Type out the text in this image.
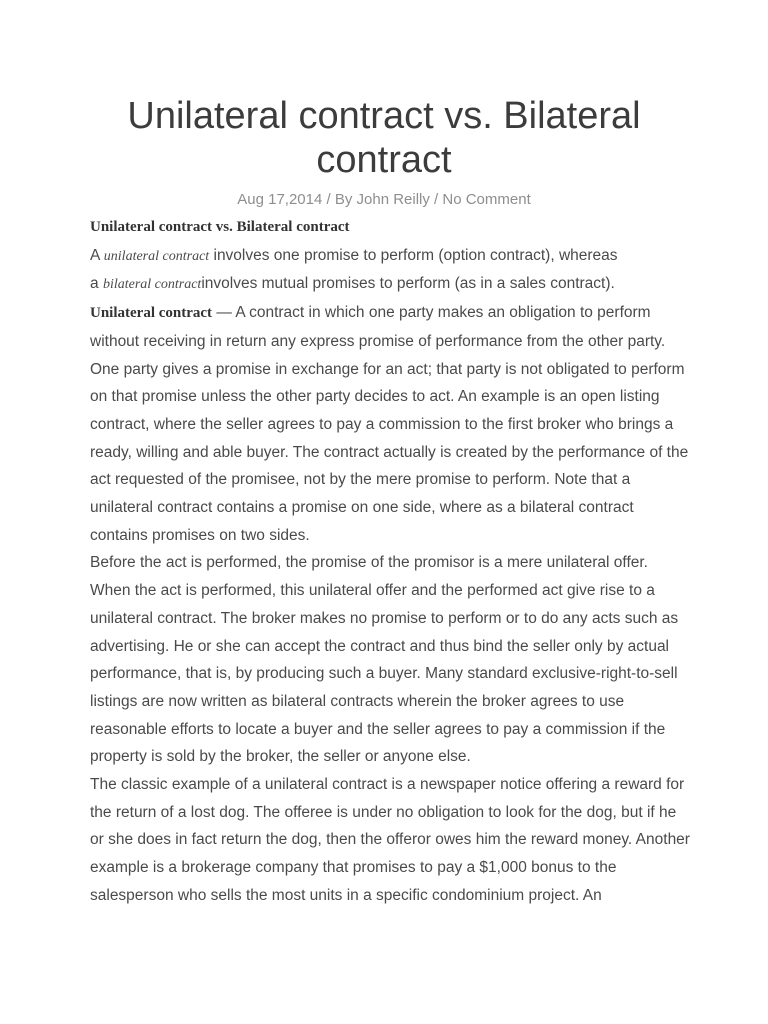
Unilateral contract vs. Bilateral contract
Aug 17,2014 / By John Reilly / No Comment

Unilateral contract vs. Bilateral contract

A unilateral contract involves one promise to perform (option contract), whereas
a bilateral contractinvolves mutual promises to perform (as in a sales contract).

Unilateral contract — A contract in which one party makes an obligation to perform without receiving in return any express promise of performance from the other party. One party gives a promise in exchange for an act; that party is not obligated to perform on that promise unless the other party decides to act. An example is an open listing contract, where the seller agrees to pay a commission to the first broker who brings a ready, willing and able buyer. The contract actually is created by the performance of the act requested of the promisee, not by the mere promise to perform. Note that a unilateral contract contains a promise on one side, where as a bilateral contract contains promises on two sides.

Before the act is performed, the promise of the promisor is a mere unilateral offer. When the act is performed, this unilateral offer and the performed act give rise to a unilateral contract. The broker makes no promise to perform or to do any acts such as advertising. He or she can accept the contract and thus bind the seller only by actual performance, that is, by producing such a buyer. Many standard exclusive-right-to-sell listings are now written as bilateral contracts wherein the broker agrees to use reasonable efforts to locate a buyer and the seller agrees to pay a commission if the property is sold by the broker, the seller or anyone else.

The classic example of a unilateral contract is a newspaper notice offering a reward for the return of a lost dog. The offeree is under no obligation to look for the dog, but if he or she does in fact return the dog, then the offeror owes him the reward money. Another example is a brokerage company that promises to pay a $1,000 bonus to the salesperson who sells the most units in a specific condominium project. An
